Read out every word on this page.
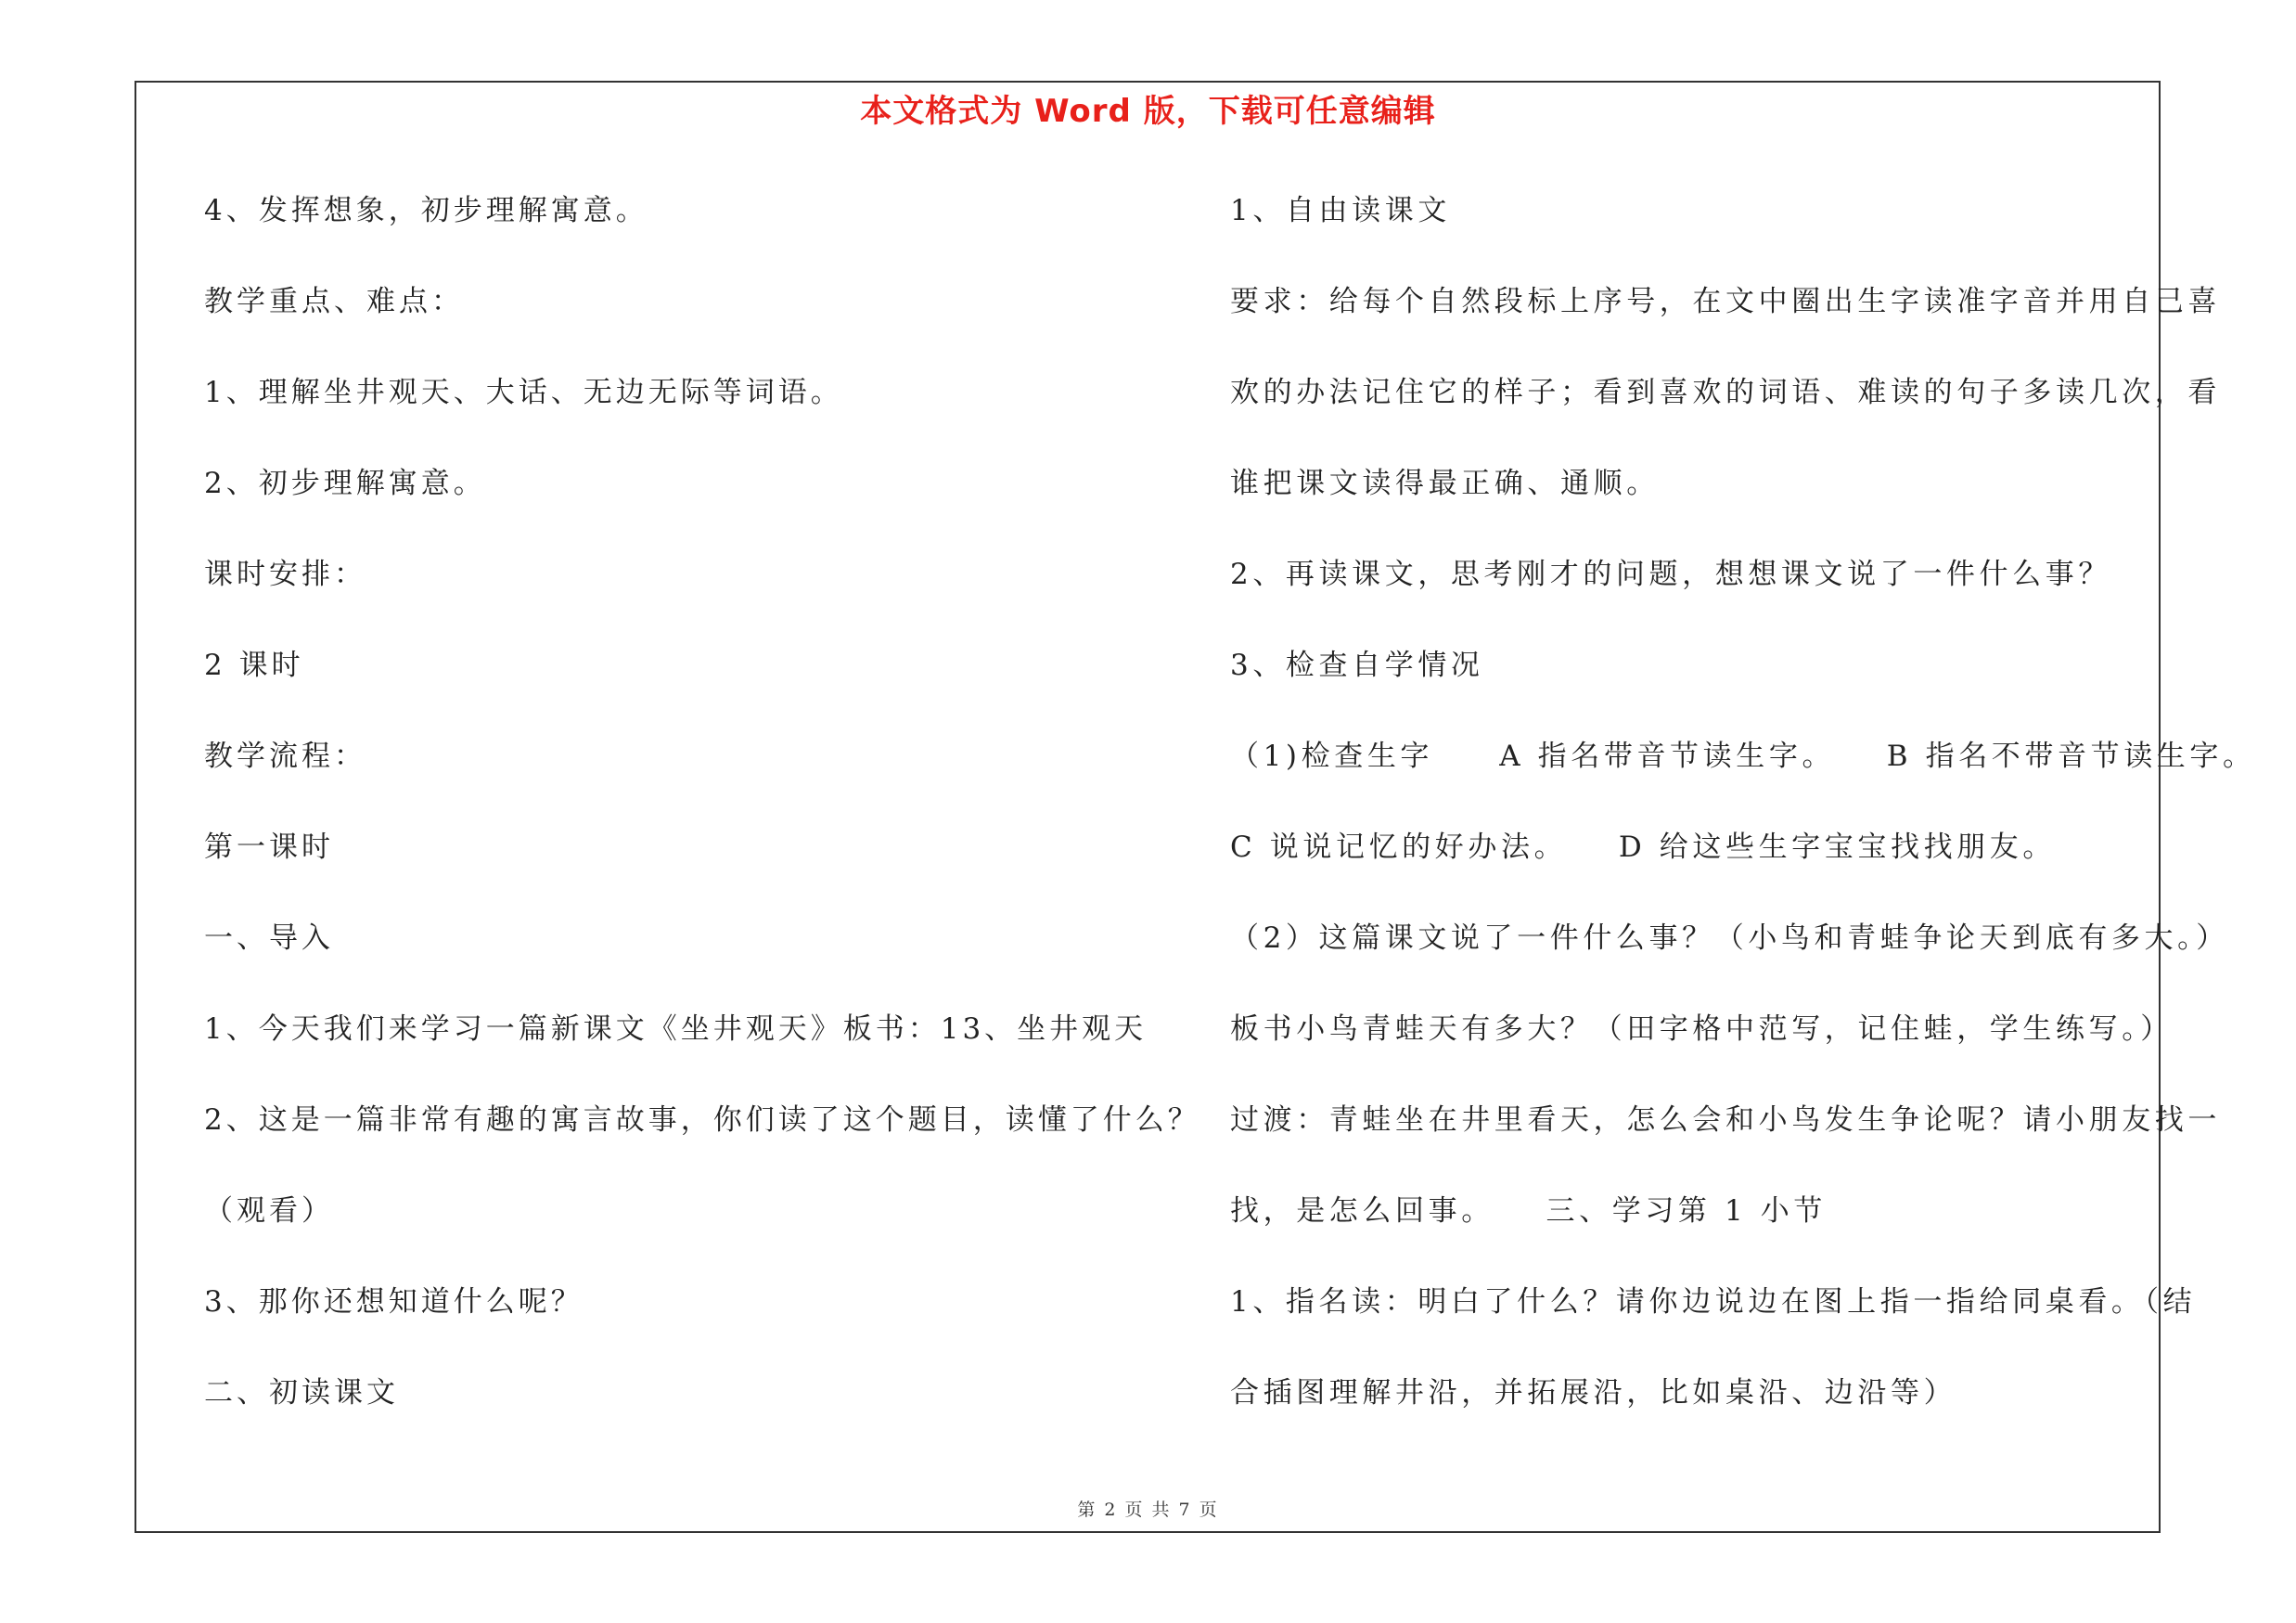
本文格式为 Word 版，下载可任意编辑
4、发挥想象，初步理解寓意。
教学重点、难点：
1、理解坐井观天、大话、无边无际等词语。
2、初步理解寓意。
课时安排：
2 课时
教学流程：
第一课时
一、导入
1、今天我们来学习一篇新课文《坐井观天》板书：13、坐井观天
2、这是一篇非常有趣的寓言故事，你们读了这个题目，读懂了什么？
（观看）
3、那你还想知道什么呢？
二、初读课文
1、自由读课文
要求：给每个自然段标上序号，在文中圈出生字读准字音并用自己喜
欢的办法记住它的样子；看到喜欢的词语、难读的句子多读几次，看
谁把课文读得最正确、通顺。
2、再读课文，思考刚才的问题，想想课文说了一件什么事？
3、检查自学情况
（1)检查生字　　A 指名带音节读生字。　　B 指名不带音节读生字。
C 说说记忆的好办法。　　D 给这些生字宝宝找找朋友。
（2）这篇课文说了一件什么事？（小鸟和青蛙争论天到底有多大。）
板书小鸟青蛙天有多大？（田字格中范写，记住蛙，学生练写。）
过渡：青蛙坐在井里看天，怎么会和小鸟发生争论呢？请小朋友找一
找，是怎么回事。　　三、学习第 1 小节
1、指名读：明白了什么？请你边说边在图上指一指给同桌看。（结
合插图理解井沿，并拓展沿，比如桌沿、边沿等）
第 2 页 共 7 页
